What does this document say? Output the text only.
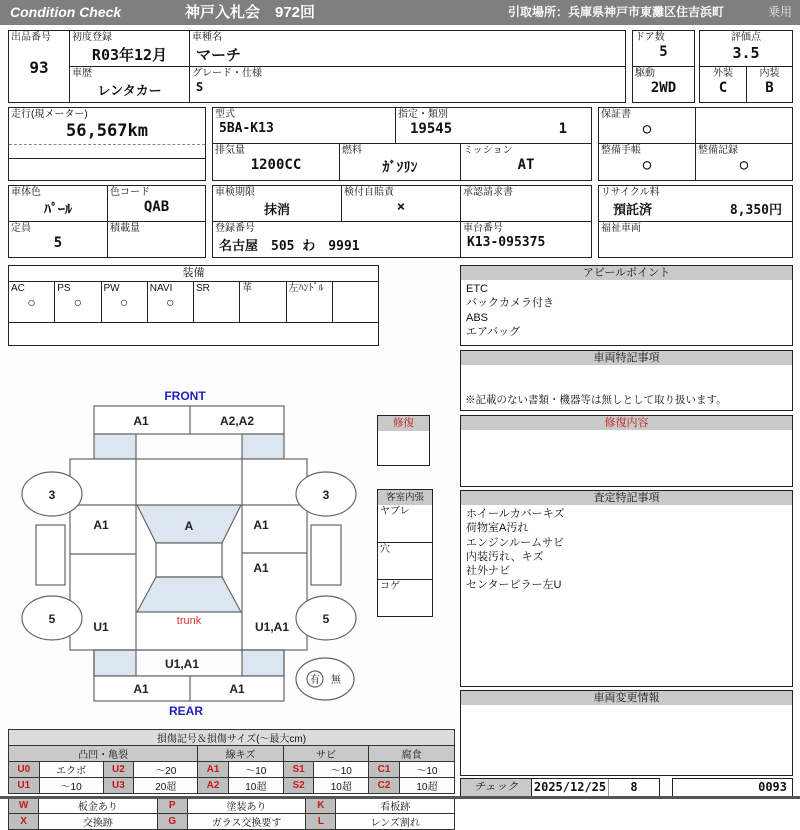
Condition Check	神戸入札会　972回	引取場所：兵庫県神戸市東灘区住吉浜町	乗用
出品番号
93
初度登録
R03年12月
車歴
レンタカー
車種名
マーチ
グレード・仕様
S
ドア数
5
駆動
2WD
評価点
3.5
外装
C
内装
B
走行(現メーター)
56,567km
型式
5BA-K13
指定・類別
19545	1
排気量
1200CC
燃料
ｶﾞｿﾘﾝ
ミッション
AT
保証書
○
整備手帳
○
整備記録
○
車体色
ﾊﾟｰﾙ
色コード
QAB
定員
5
積載量
車検期限
抹消
検付自賠責
×
承認請求書
登録番号
名古屋　505 わ　9991
車台番号
K13-095375
リサイクル料
預託済	8,350円
福祉車両
装備
AC
○
PS
○
PW
○
NAVI
○
SR	革	左ﾊﾝﾄﾞﾙ
アピールポイント
ETC
バックカメラ付き
ABS
エアバッグ
車両特記事項
※記載のない書類・機器等は無しとして取り扱います。
修復内容
査定特記事項
ホイールカバーキズ
荷物室A汚れ
エンジンルームサビ
内装汚れ、キズ
社外ナビ
センターピラー左U
車両変更情報
チェック	2025/12/25	8	0093
FRONT
A1	A2,A2
A1	A	A1
A1
U1	trunk	U1,A1
U1,A1
A1	A1
REAR
3	3
5	5
有 無
修復
客室内張
ヤブレ
穴
コゲ
損傷記号＆損傷サイズ(〜最大cm)									
凸凹・亀裂				線キズ		サビ		腐食	
U0	エクボ	U2	〜20	A1	〜10	S1	〜10	C1	〜10
U1	〜10	U3	20超	A2	10超	S2	10超	C2	10超
W	板金あり	P	塗装あり	K	看板跡
X	交換跡	G	ガラス交換要す	L	レンズ割れ
